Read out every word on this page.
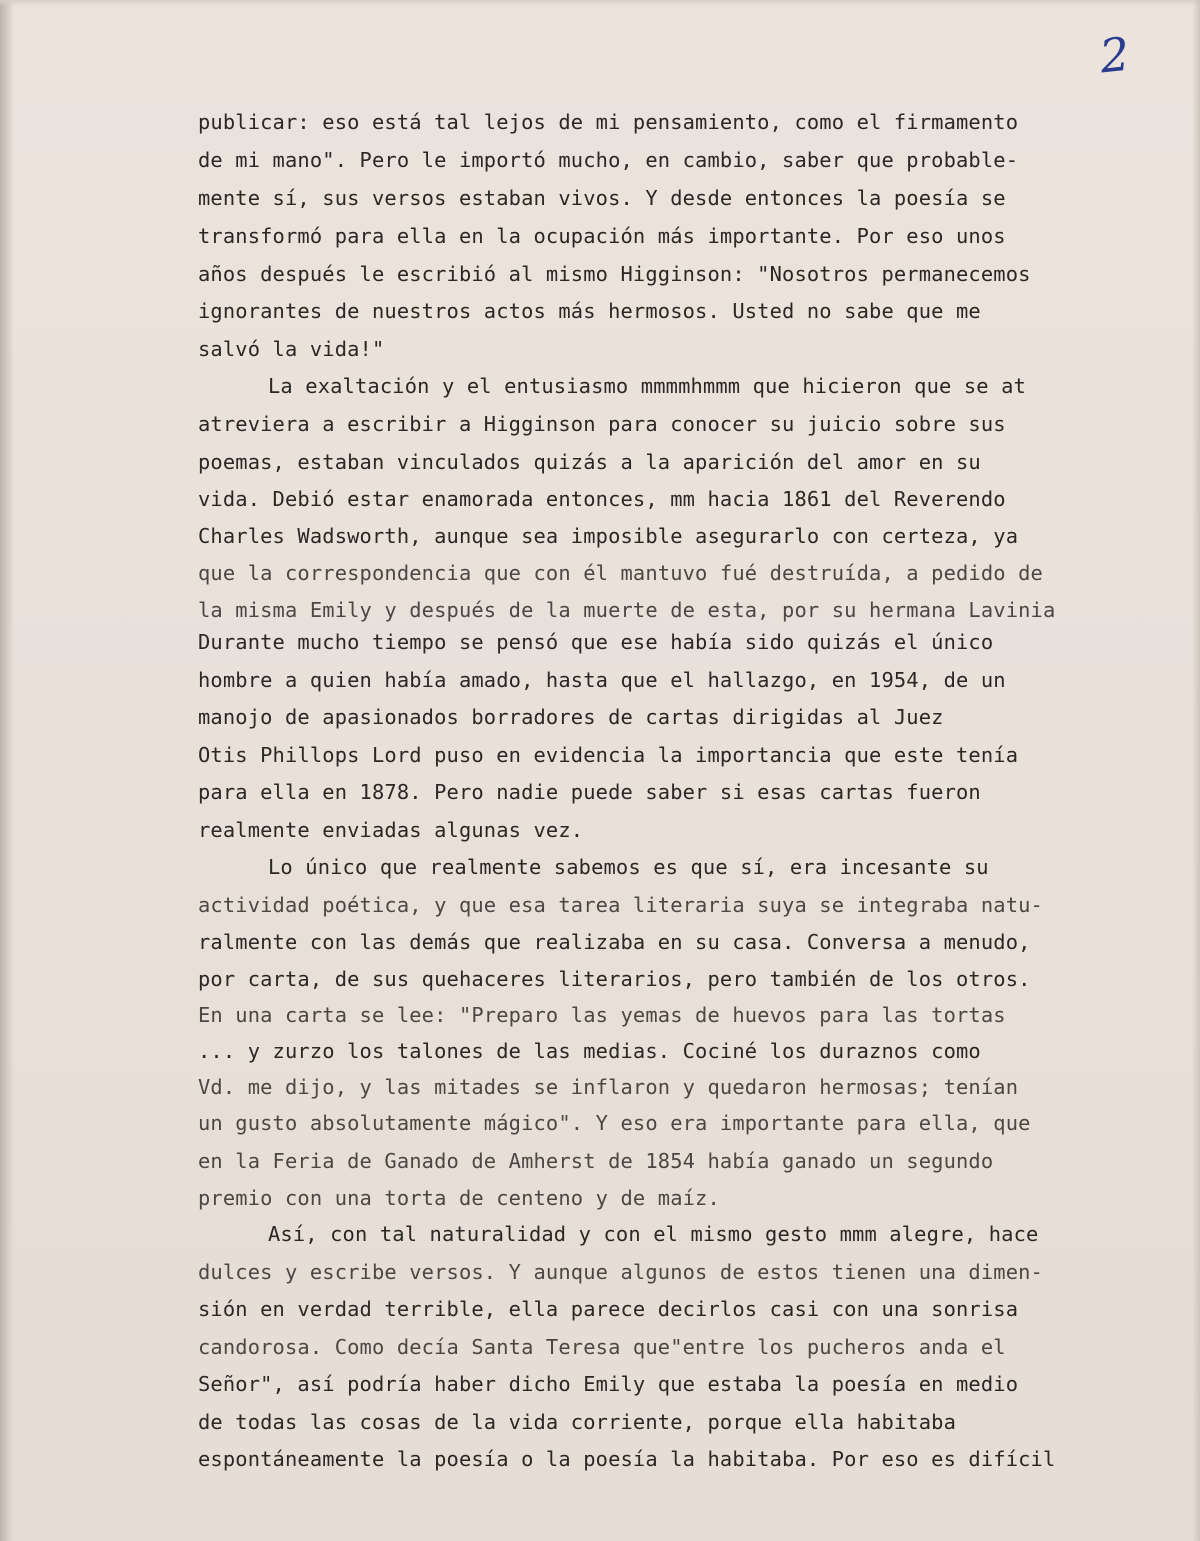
2

publicar: eso está tal lejos de mi pensamiento, como el firmamento

de mi mano". Pero le importó mucho, en cambio, saber que probable-

mente sí, sus versos estaban vivos. Y desde entonces la poesía se

transformó para ella en la ocupación más importante. Por eso unos

años después le escribió al mismo Higginson: "Nosotros permanecemos

ignorantes de nuestros actos más hermosos. Usted no sabe que me

salvó la vida!"

La exaltación y el entusiasmo mmmmhmmm que hicieron que se at

atreviera a escribir a Higginson para conocer su juicio sobre sus

poemas, estaban vinculados quizás a la aparición del amor en su

vida. Debió estar enamorada entonces, mm hacia 1861 del Reverendo

Charles Wadsworth, aunque sea imposible asegurarlo con certeza, ya

que la correspondencia que con él mantuvo fué destruída, a pedido de

la misma Emily y después de la muerte de esta, por su hermana Lavinia

Durante mucho tiempo se pensó que ese había sido quizás el único

hombre a quien había amado, hasta que el hallazgo, en 1954, de un

manojo de apasionados borradores de cartas dirigidas al Juez

Otis Phillops Lord puso en evidencia la importancia que este tenía

para ella en 1878. Pero nadie puede saber si esas cartas fueron

realmente enviadas algunas vez.

Lo único que realmente sabemos es que sí, era incesante su

actividad poética, y que esa tarea literaria suya se integraba natu-

ralmente con las demás que realizaba en su casa. Conversa a menudo,

por carta, de sus quehaceres literarios, pero también de los otros.

En una carta se lee: "Preparo las yemas de huevos para las tortas

... y zurzo los talones de las medias. Cociné los duraznos como

Vd. me dijo, y las mitades se inflaron y quedaron hermosas; tenían

un gusto absolutamente mágico". Y eso era importante para ella, que

en la Feria de Ganado de Amherst de 1854 había ganado un segundo

premio con una torta de centeno y de maíz.

Así, con tal naturalidad y con el mismo gesto mmm alegre, hace

dulces y escribe versos. Y aunque algunos de estos tienen una dimen-

sión en verdad terrible, ella parece decirlos casi con una sonrisa

candorosa. Como decía Santa Teresa que"entre los pucheros anda el

Señor", así podría haber dicho Emily que estaba la poesía en medio

de todas las cosas de la vida corriente, porque ella habitaba

espontáneamente la poesía o la poesía la habitaba. Por eso es difícil
